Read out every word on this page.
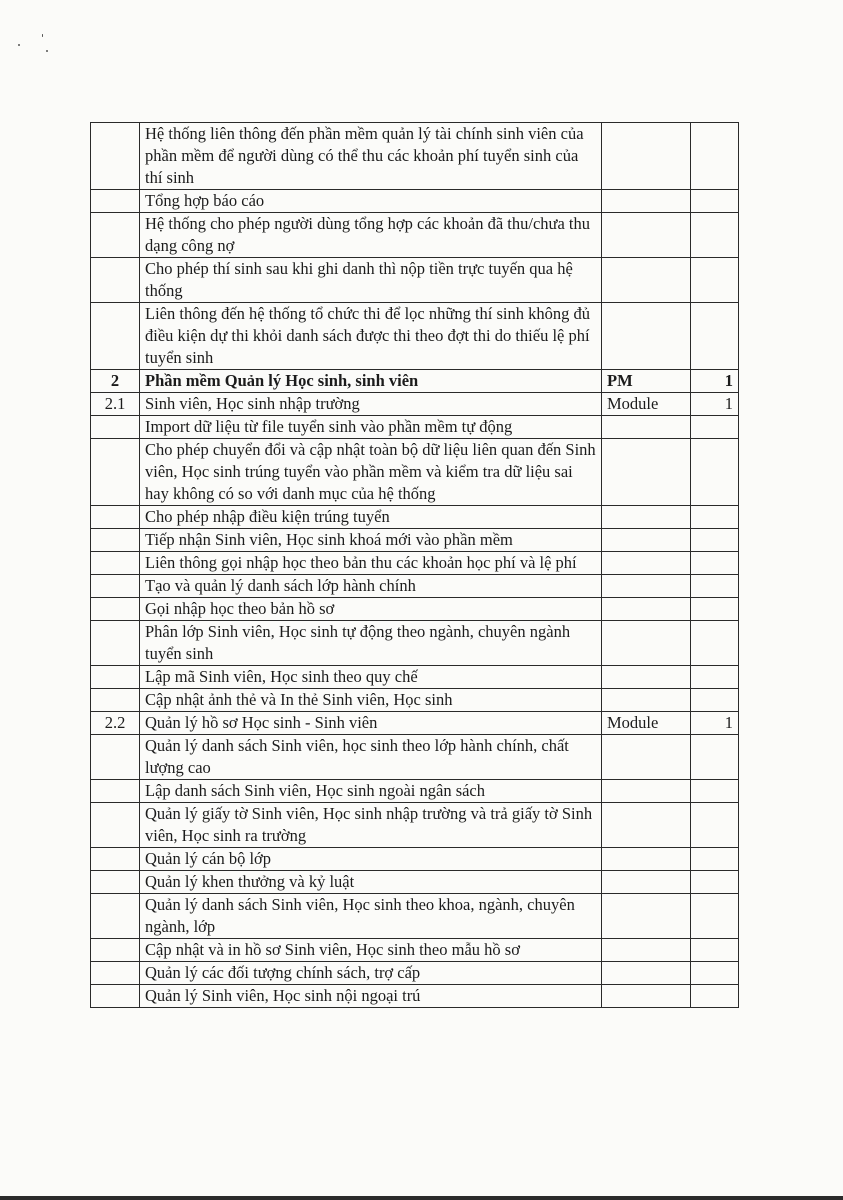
	Hệ thống liên thông đến phần mềm quản lý tài chính sinh viên của phần mềm để người dùng có thể thu các khoản phí tuyển sinh của thí sinh		
	Tổng hợp báo cáo		
	Hệ thống cho phép người dùng tổng hợp các khoản đã thu/chưa thu dạng công nợ		
	Cho phép thí sinh sau khi ghi danh thì nộp tiền trực tuyến qua hệ thống		
	Liên thông đến hệ thống tổ chức thi để lọc những thí sinh không đủ điều kiện dự thi khỏi danh sách được thi theo đợt thi do thiếu lệ phí tuyển sinh		
2	Phần mềm Quản lý Học sinh, sinh viên	PM	1
2.1	Sinh viên, Học sinh nhập trường	Module	1
	Import dữ liệu từ file tuyển sinh vào phần mềm tự động		
	Cho phép chuyển đổi và cập nhật toàn bộ dữ liệu liên quan đến Sinh viên, Học sinh trúng tuyển vào phần mềm và kiểm tra dữ liệu sai hay không có so với danh mục của hệ thống		
	Cho phép nhập điều kiện trúng tuyển		
	Tiếp nhận Sinh viên, Học sinh khoá mới vào phần mềm		
	Liên thông gọi nhập học theo bản thu các khoản học phí và lệ phí		
	Tạo và quản lý danh sách lớp hành chính		
	Gọi nhập học theo bản hồ sơ		
	Phân lớp Sinh viên, Học sinh tự động theo ngành, chuyên ngành tuyển sinh		
	Lập mã Sinh viên, Học sinh theo quy chế		
	Cập nhật ảnh thẻ và In thẻ Sinh viên, Học sinh		
2.2	Quản lý hồ sơ Học sinh - Sinh viên	Module	1
	Quản lý danh sách Sinh viên, học sinh theo lớp hành chính, chất lượng cao		
	Lập danh sách Sinh viên, Học sinh ngoài ngân sách		
	Quản lý giấy tờ Sinh viên, Học sinh nhập trường và trả giấy tờ Sinh viên, Học sinh ra trường		
	Quản lý cán bộ lớp		
	Quản lý khen thưởng và kỷ luật		
	Quản lý danh sách Sinh viên, Học sinh theo khoa, ngành, chuyên ngành, lớp		
	Cập nhật và in hồ sơ Sinh viên, Học sinh theo mẫu hồ sơ		
	Quản lý các đối tượng chính sách, trợ cấp		
	Quản lý Sinh viên, Học sinh nội ngoại trú		
